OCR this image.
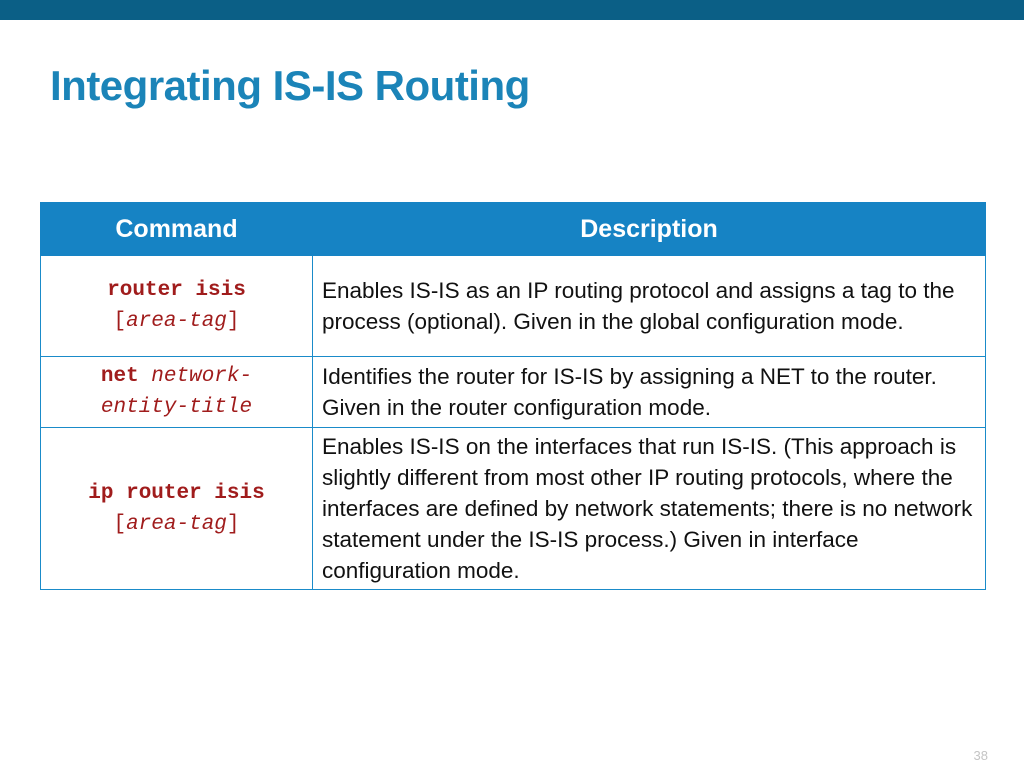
Integrating IS-IS Routing
Command	Description

router isis
[area-tag]	Enables IS-IS as an IP routing protocol and assigns a tag to the process (optional). Given in the global configuration mode.

net network-
entity-title	Identifies the router for IS-IS by assigning a NET to the router. Given in the router configuration mode.

ip router isis
[area-tag]	Enables IS-IS on the interfaces that run IS-IS. (This approach is slightly different from most other IP routing protocols, where the interfaces are defined by network statements; there is no network statement under the IS-IS process.) Given in interface configuration mode.
38
